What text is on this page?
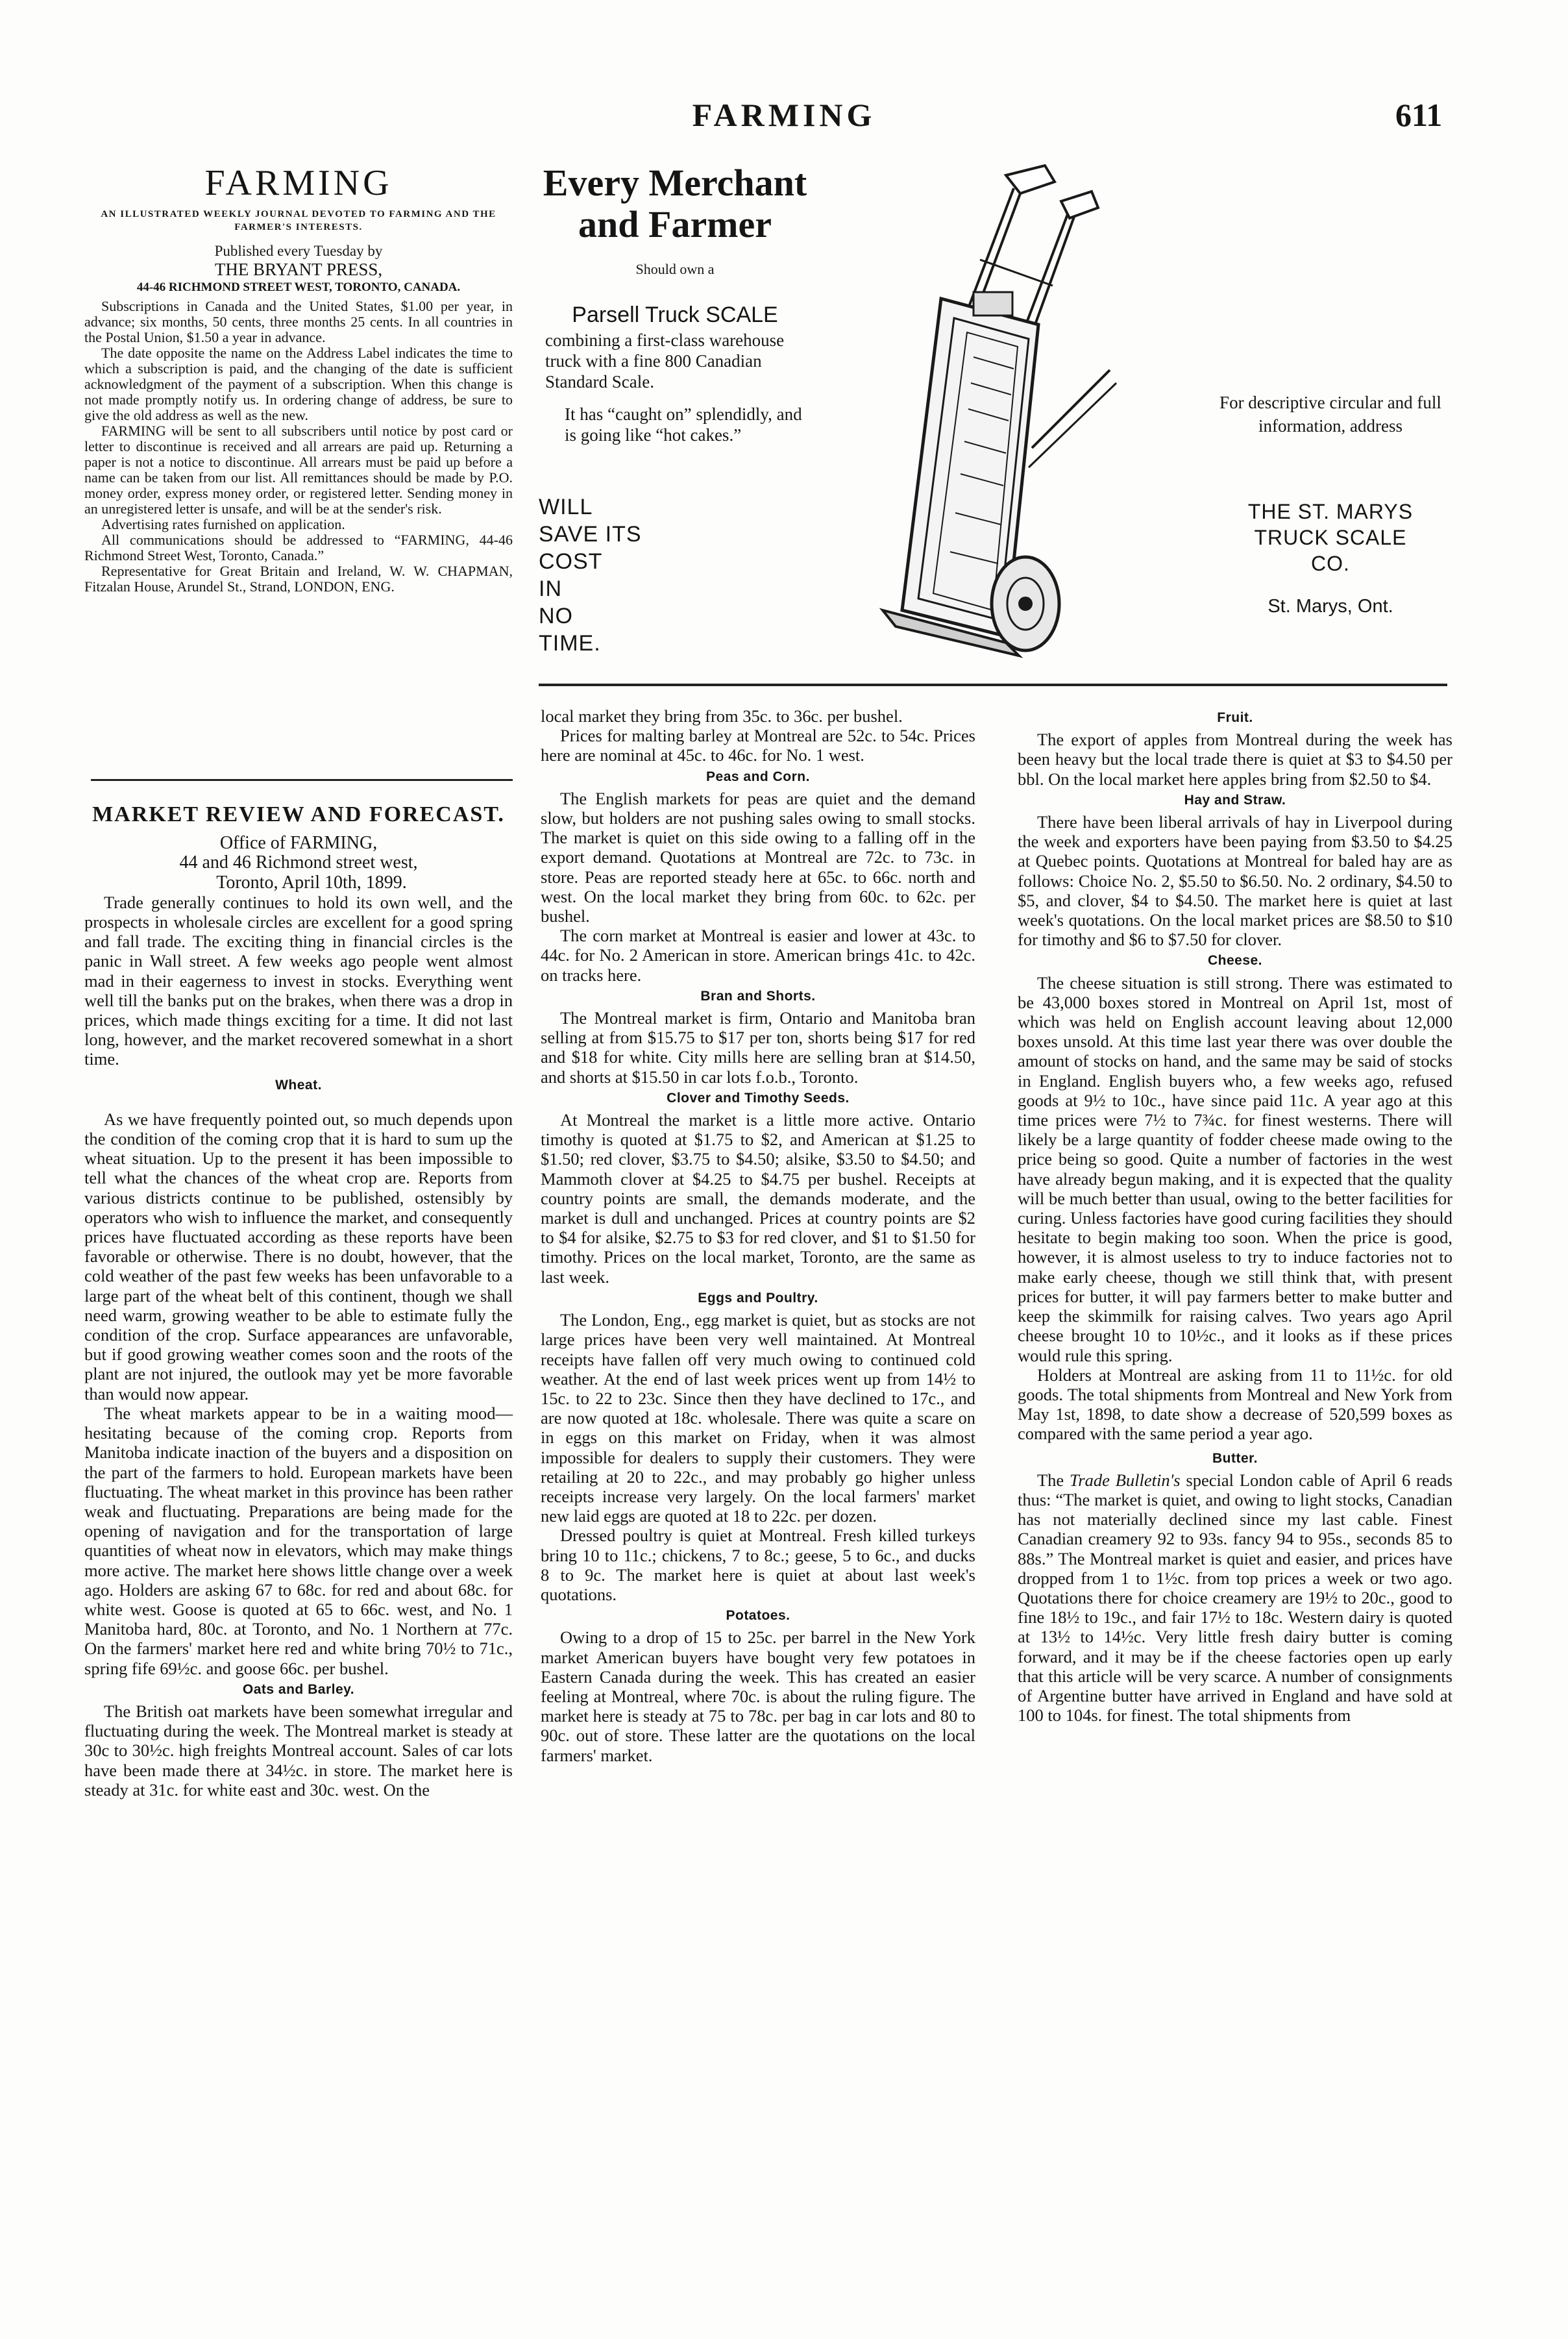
FARMING	611
FARMING
AN ILLUSTRATED WEEKLY JOURNAL DEVOTED TO FARMING AND THE FARMER'S INTERESTS.
Published every Tuesday by
THE BRYANT PRESS,
44-46 RICHMOND STREET WEST, TORONTO, CANADA.

Subscriptions in Canada and the United States, $1.00 per year, in advance; six months, 50 cents, three months 25 cents. In all countries in the Postal Union, $1.50 a year in advance.

The date opposite the name on the Address Label indicates the time to which a subscription is paid, and the changing of the date is sufficient acknowledgment of the payment of a subscription. When this change is not made promptly notify us. In ordering change of address, be sure to give the old address as well as the new.

FARMING will be sent to all subscribers until notice by post card or letter to discontinue is received and all arrears are paid up. Returning a paper is not a notice to discontinue. All arrears must be paid up before a name can be taken from our list. All remittances should be made by P.O. money order, express money order, or registered letter. Sending money in an unregistered letter is unsafe, and will be at the sender's risk.

Advertising rates furnished on application.

All communications should be addressed to “FARMING, 44-46 Richmond Street West, Toronto, Canada.”

Representative for Great Britain and Ireland, W. W. CHAPMAN, Fitzalan House, Arundel St., Strand, LONDON, ENG.

MARKET REVIEW AND FORECAST.
Office of FARMING,
44 and 46 Richmond street west,
Toronto, April 10th, 1899.

Trade generally continues to hold its own well, and the prospects in wholesale circles are excellent for a good spring and fall trade. The exciting thing in financial circles is the panic in Wall street. A few weeks ago people went almost mad in their eagerness to invest in stocks. Everything went well till the banks put on the brakes, when there was a drop in prices, which made things exciting for a time. It did not last long, however, and the market recovered somewhat in a short time.

Wheat.

As we have frequently pointed out, so much depends upon the condition of the coming crop that it is hard to sum up the wheat situation. Up to the present it has been impossible to tell what the chances of the wheat crop are. Reports from various districts continue to be published, ostensibly by operators who wish to influence the market, and consequently prices have fluctuated according as these reports have been favorable or otherwise. There is no doubt, however, that the cold weather of the past few weeks has been unfavorable to a large part of the wheat belt of this continent, though we shall need warm, growing weather to be able to estimate fully the condition of the crop. Surface appearances are unfavorable, but if good growing weather comes soon and the roots of the plant are not injured, the outlook may yet be more favorable than would now appear.

The wheat markets appear to be in a waiting mood—hesitating because of the coming crop. Reports from Manitoba indicate inaction of the buyers and a disposition on the part of the farmers to hold. European markets have been fluctuating. The wheat market in this province has been rather weak and fluctuating. Preparations are being made for the opening of navigation and for the transportation of large quantities of wheat now in elevators, which may make things more active. The market here shows little change over a week ago. Holders are asking 67 to 68c. for red and about 68c. for white west. Goose is quoted at 65 to 66c. west, and No. 1 Manitoba hard, 80c. at Toronto, and No. 1 Northern at 77c. On the farmers' market here red and white bring 70½ to 71c., spring fife 69½c. and goose 66c. per bushel.

Oats and Barley.

The British oat markets have been somewhat irregular and fluctuating during the week. The Montreal market is steady at 30c to 30½c. high freights Montreal account. Sales of car lots have been made there at 34½c. in store. The market here is steady at 31c. for white east and 30c. west. On the

Every Merchant
and Farmer
Should own a
Parsell Truck SCALE
combining a first-class warehouse truck with a fine 800 Canadian Standard Scale.
It has “caught on” splendidly, and is going like “hot cakes.”
WILL
SAVE ITS
COST
IN
NO
TIME.
For descriptive circular and full information, address
THE ST. MARYS
TRUCK SCALE
CO.
St. Marys, Ont.

local market they bring from 35c. to 36c. per bushel.

Prices for malting barley at Montreal are 52c. to 54c. Prices here are nominal at 45c. to 46c. for No. 1 west.

Peas and Corn.

The English markets for peas are quiet and the demand slow, but holders are not pushing sales owing to small stocks. The market is quiet on this side owing to a falling off in the export demand. Quotations at Montreal are 72c. to 73c. in store. Peas are reported steady here at 65c. to 66c. north and west. On the local market they bring from 60c. to 62c. per bushel.

The corn market at Montreal is easier and lower at 43c. to 44c. for No. 2 American in store. American brings 41c. to 42c. on tracks here.

Bran and Shorts.

The Montreal market is firm, Ontario and Manitoba bran selling at from $15.75 to $17 per ton, shorts being $17 for red and $18 for white. City mills here are selling bran at $14.50, and shorts at $15.50 in car lots f.o.b., Toronto.

Clover and Timothy Seeds.

At Montreal the market is a little more active. Ontario timothy is quoted at $1.75 to $2, and American at $1.25 to $1.50; red clover, $3.75 to $4.50; alsike, $3.50 to $4.50; and Mammoth clover at $4.25 to $4.75 per bushel. Receipts at country points are small, the demands moderate, and the market is dull and unchanged. Prices at country points are $2 to $4 for alsike, $2.75 to $3 for red clover, and $1 to $1.50 for timothy. Prices on the local market, Toronto, are the same as last week.

Eggs and Poultry.

The London, Eng., egg market is quiet, but as stocks are not large prices have been very well maintained. At Montreal receipts have fallen off very much owing to continued cold weather. At the end of last week prices went up from 14½ to 15c. to 22 to 23c. Since then they have declined to 17c., and are now quoted at 18c. wholesale. There was quite a scare on in eggs on this market on Friday, when it was almost impossible for dealers to supply their customers. They were retailing at 20 to 22c., and may probably go higher unless receipts increase very largely. On the local farmers' market new laid eggs are quoted at 18 to 22c. per dozen.

Dressed poultry is quiet at Montreal. Fresh killed turkeys bring 10 to 11c.; chickens, 7 to 8c.; geese, 5 to 6c., and ducks 8 to 9c. The market here is quiet at about last week's quotations.

Potatoes.

Owing to a drop of 15 to 25c. per barrel in the New York market American buyers have bought very few potatoes in Eastern Canada during the week. This has created an easier feeling at Montreal, where 70c. is about the ruling figure. The market here is steady at 75 to 78c. per bag in car lots and 80 to 90c. out of store. These latter are the quotations on the local farmers' market.

Fruit.

The export of apples from Montreal during the week has been heavy but the local trade there is quiet at $3 to $4.50 per bbl. On the local market here apples bring from $2.50 to $4.

Hay and Straw.

There have been liberal arrivals of hay in Liverpool during the week and exporters have been paying from $3.50 to $4.25 at Quebec points. Quotations at Montreal for baled hay are as follows: Choice No. 2, $5.50 to $6.50. No. 2 ordinary, $4.50 to $5, and clover, $4 to $4.50. The market here is quiet at last week's quotations. On the local market prices are $8.50 to $10 for timothy and $6 to $7.50 for clover.

Cheese.

The cheese situation is still strong. There was estimated to be 43,000 boxes stored in Montreal on April 1st, most of which was held on English account leaving about 12,000 boxes unsold. At this time last year there was over double the amount of stocks on hand, and the same may be said of stocks in England. English buyers who, a few weeks ago, refused goods at 9½ to 10c., have since paid 11c. A year ago at this time prices were 7½ to 7¾c. for finest westerns. There will likely be a large quantity of fodder cheese made owing to the price being so good. Quite a number of factories in the west have already begun making, and it is expected that the quality will be much better than usual, owing to the better facilities for curing. Unless factories have good curing facilities they should hesitate to begin making too soon. When the price is good, however, it is almost useless to try to induce factories not to make early cheese, though we still think that, with present prices for butter, it will pay farmers better to make butter and keep the skimmilk for raising calves. Two years ago April cheese brought 10 to 10½c., and it looks as if these prices would rule this spring.

Holders at Montreal are asking from 11 to 11½c. for old goods. The total shipments from Montreal and New York from May 1st, 1898, to date show a decrease of 520,599 boxes as compared with the same period a year ago.

Butter.

The Trade Bulletin's special London cable of April 6 reads thus: “The market is quiet, and owing to light stocks, Canadian has not materially declined since my last cable. Finest Canadian creamery 92 to 93s. fancy 94 to 95s., seconds 85 to 88s.” The Montreal market is quiet and easier, and prices have dropped from 1 to 1½c. from top prices a week or two ago. Quotations there for choice creamery are 19½ to 20c., good to fine 18½ to 19c., and fair 17½ to 18c. Western dairy is quoted at 13½ to 14½c. Very little fresh dairy butter is coming forward, and it may be if the cheese factories open up early that this article will be very scarce. A number of consignments of Argentine butter have arrived in England and have sold at 100 to 104s. for finest. The total shipments from
